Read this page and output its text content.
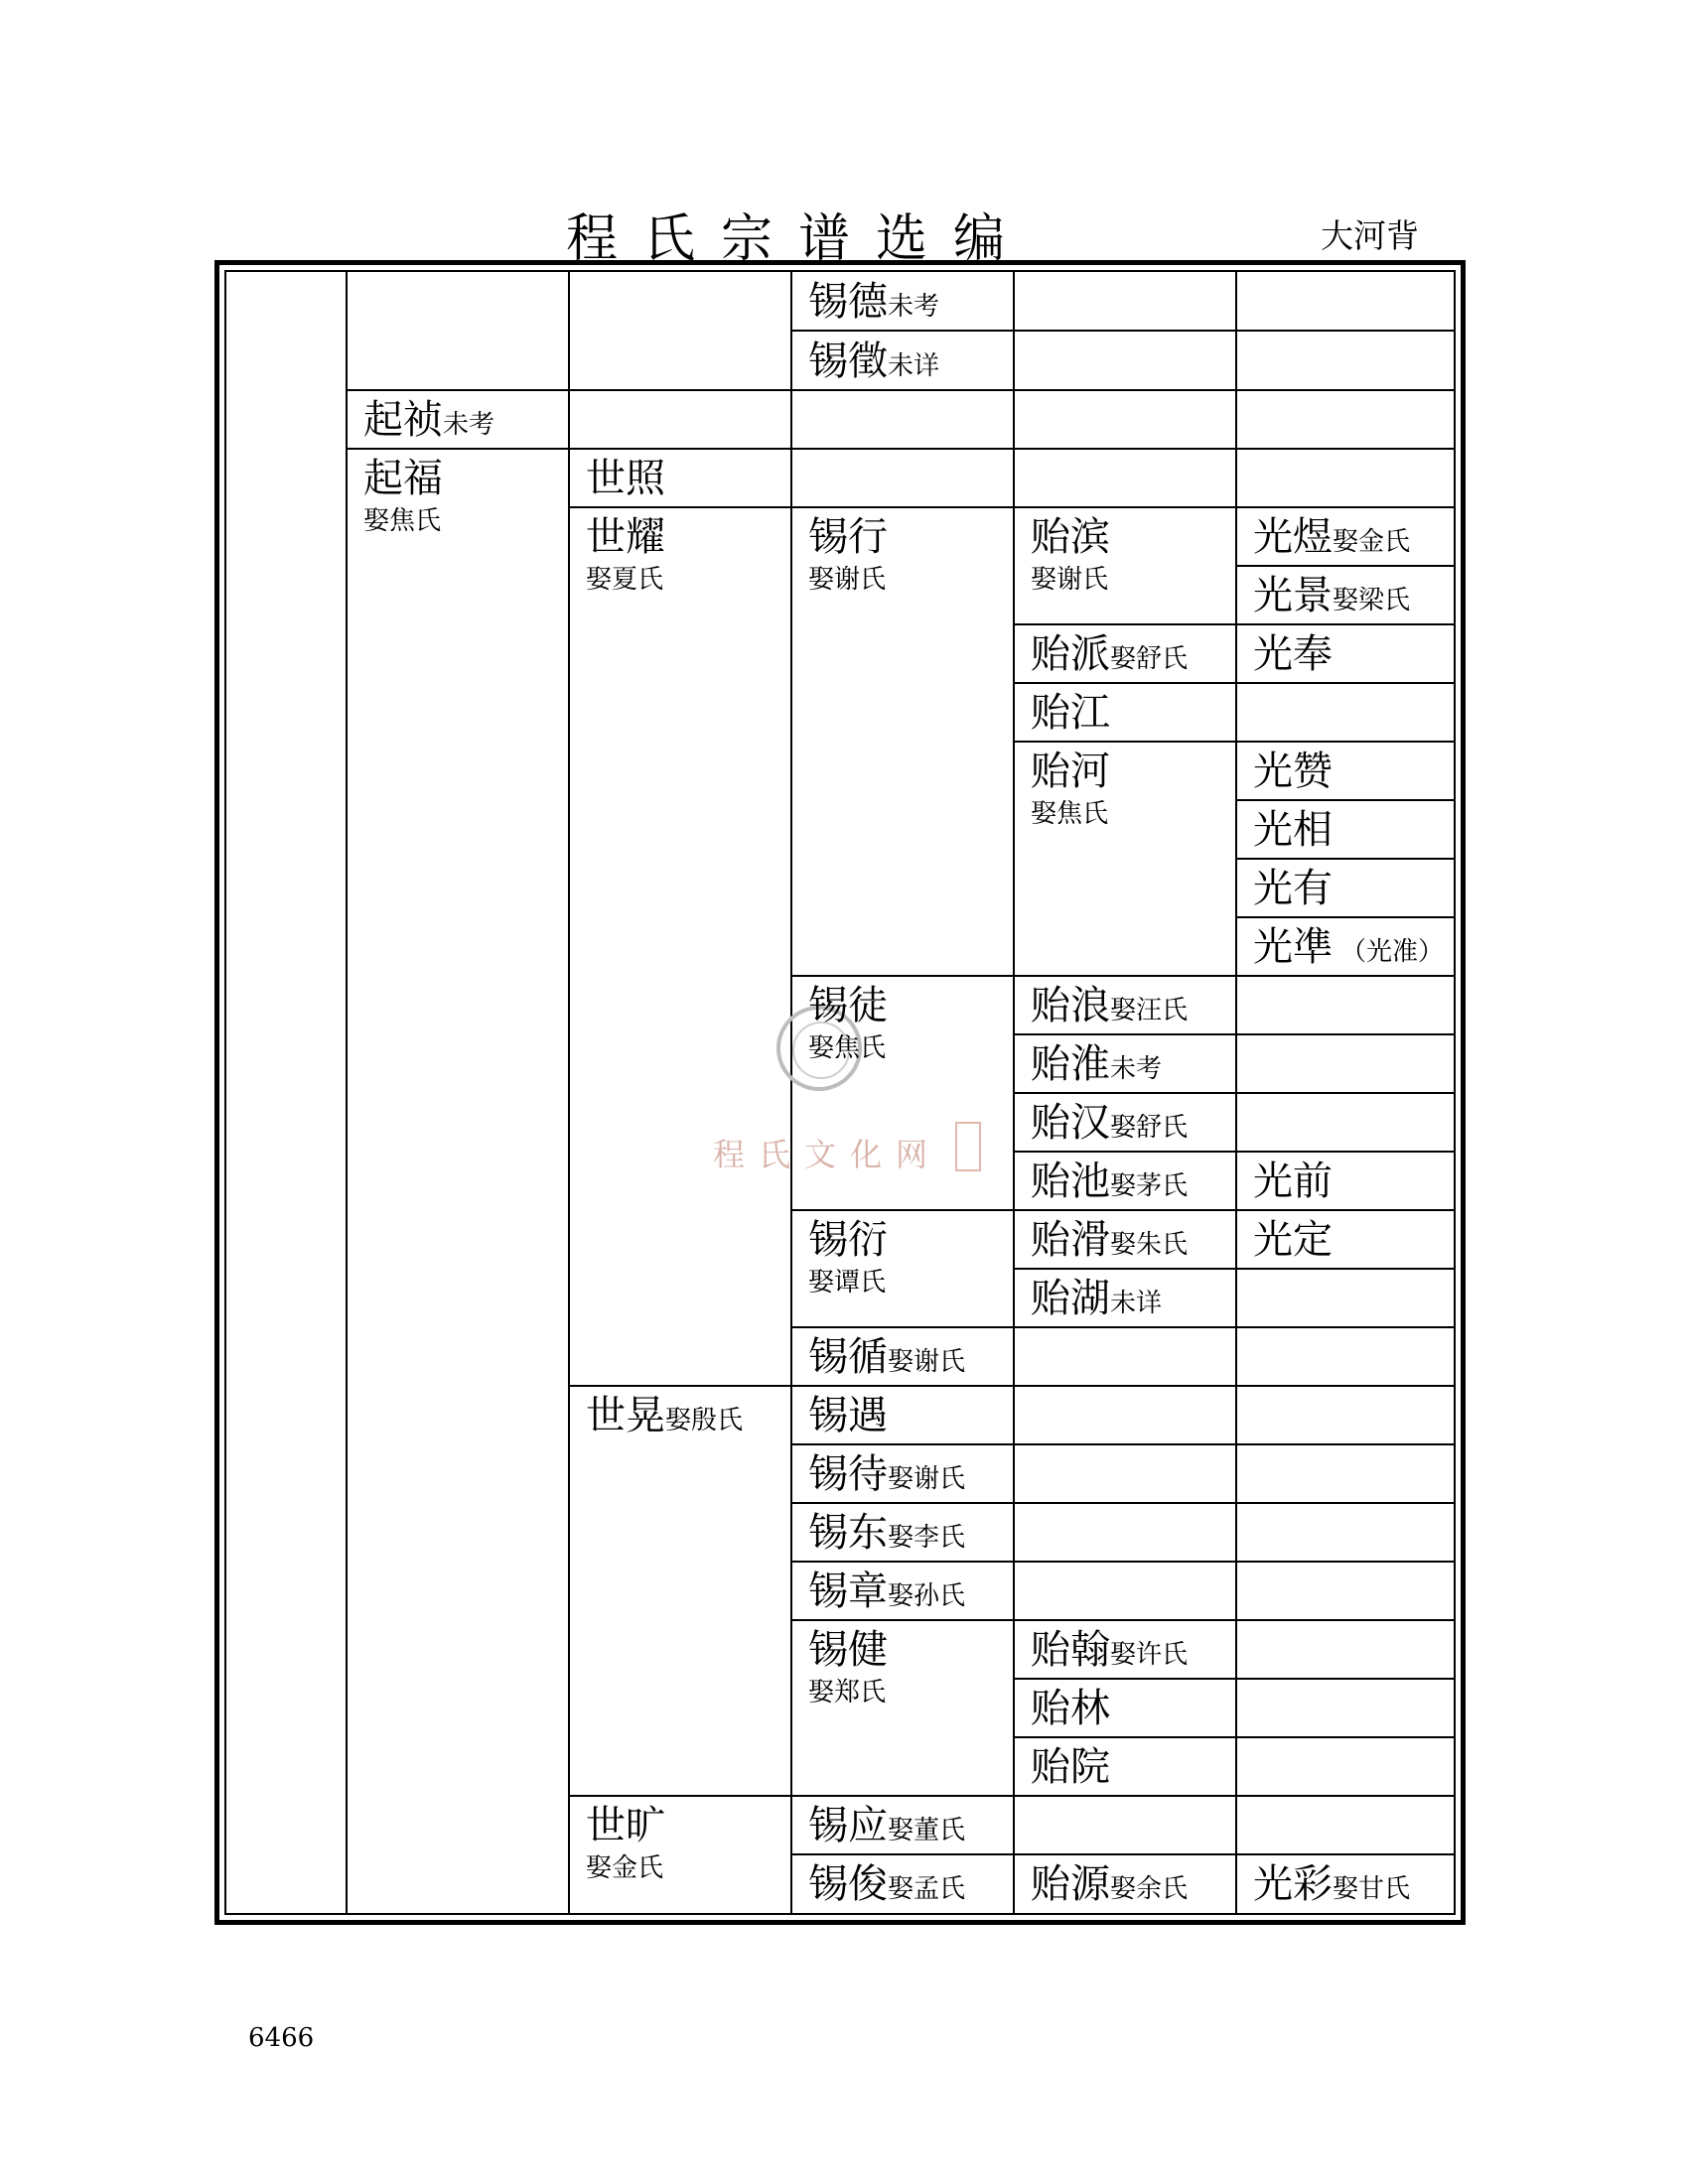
程氏宗谱选编	大河背
程氏文化网
锡德未考
锡徵未详
起祯未考
起福
娶焦氏
世照
世耀
娶夏氏
锡行
娶谢氏
贻滨
娶谢氏
光煜娶金氏
光景娶梁氏
贻派娶舒氏 光奉
贻江
贻河
娶焦氏
光赞
光相
光有
光凖 （光准）
锡徒
娶焦氏
贻浪娶汪氏
贻淮未考
贻汉娶舒氏
贻池娶茅氏 光前
锡衍
娶谭氏
贻滑娶朱氏 光定
贻湖未详
锡循娶谢氏
世晃娶殷氏 锡遇
锡待娶谢氏
锡东娶李氏
锡章娶孙氏
锡健
娶郑氏
贻翰娶许氏
贻林
贻院
世旷
娶金氏
锡应娶董氏
锡俊娶孟氏 贻源娶余氏 光彩娶甘氏
6466
